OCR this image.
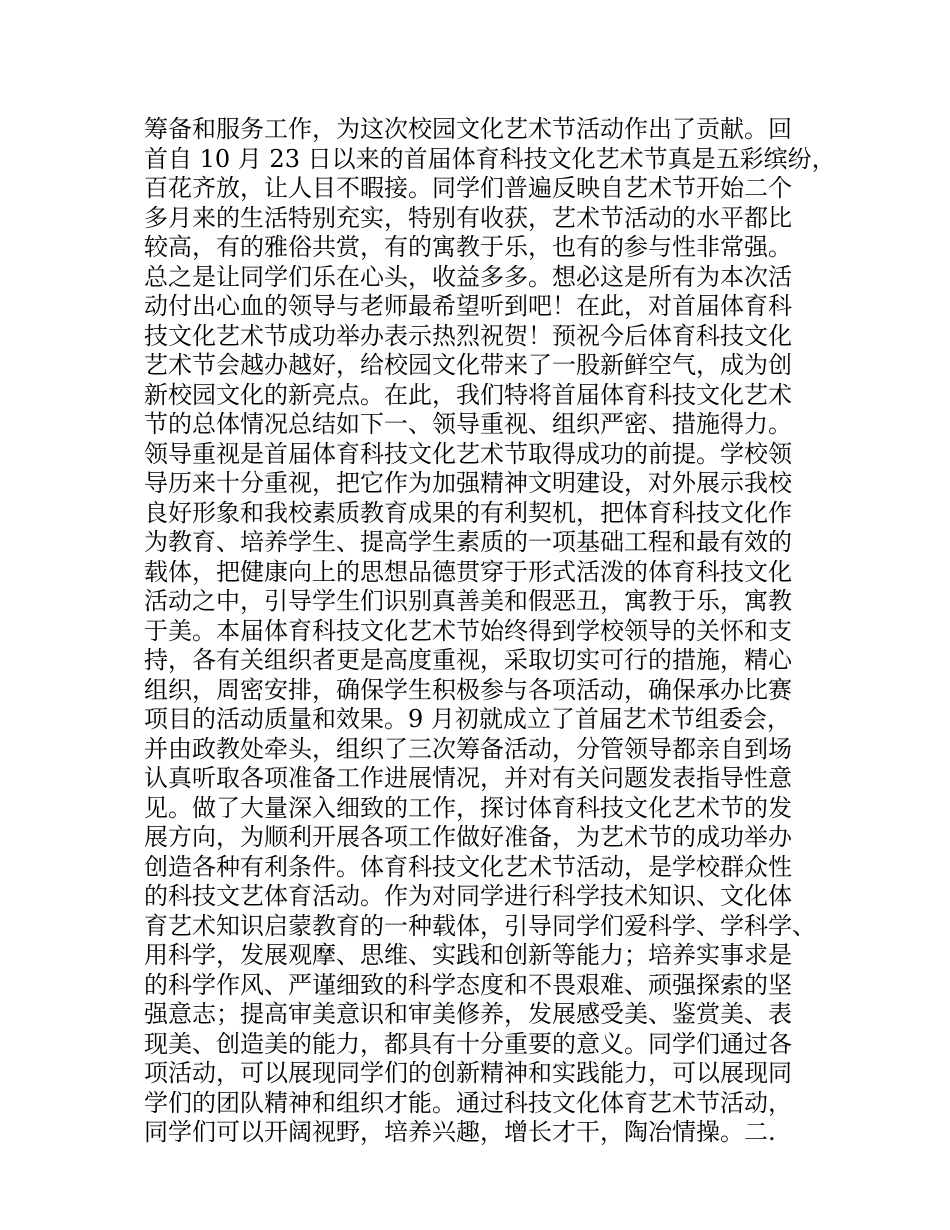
筹备和服务工作，为这次校园文化艺术节活动作出了贡献。回
首自 10 月 23 日以来的首届体育科技文化艺术节真是五彩缤纷，
百花齐放，让人目不暇接。同学们普遍反映自艺术节开始二个
多月来的生活特别充实，特别有收获，艺术节活动的水平都比
较高，有的雅俗共赏，有的寓教于乐，也有的参与性非常强。
总之是让同学们乐在心头，收益多多。想必这是所有为本次活
动付出心血的领导与老师最希望听到吧！在此，对首届体育科
技文化艺术节成功举办表示热烈祝贺！预祝今后体育科技文化
艺术节会越办越好，给校园文化带来了一股新鲜空气，成为创
新校园文化的新亮点。在此，我们特将首届体育科技文化艺术
节的总体情况总结如下一、领导重视、组织严密、措施得力。
领导重视是首届体育科技文化艺术节取得成功的前提。学校领
导历来十分重视，把它作为加强精神文明建设，对外展示我校
良好形象和我校素质教育成果的有利契机，把体育科技文化作
为教育、培养学生、提高学生素质的一项基础工程和最有效的
载体，把健康向上的思想品德贯穿于形式活泼的体育科技文化
活动之中，引导学生们识别真善美和假恶丑，寓教于乐，寓教
于美。本届体育科技文化艺术节始终得到学校领导的关怀和支
持，各有关组织者更是高度重视，采取切实可行的措施，精心
组织，周密安排，确保学生积极参与各项活动，确保承办比赛
项目的活动质量和效果。9 月初就成立了首届艺术节组委会，
并由政教处牵头，组织了三次筹备活动，分管领导都亲自到场
认真听取各项准备工作进展情况，并对有关问题发表指导性意
见。做了大量深入细致的工作，探讨体育科技文化艺术节的发
展方向，为顺利开展各项工作做好准备，为艺术节的成功举办
创造各种有利条件。体育科技文化艺术节活动，是学校群众性
的科技文艺体育活动。作为对同学进行科学技术知识、文化体
育艺术知识启蒙教育的一种载体，引导同学们爱科学、学科学、
用科学，发展观摩、思维、实践和创新等能力；培养实事求是
的科学作风、严谨细致的科学态度和不畏艰难、顽强探索的坚
强意志；提高审美意识和审美修养，发展感受美、鉴赏美、表
现美、创造美的能力，都具有十分重要的意义。同学们通过各
项活动，可以展现同学们的创新精神和实践能力，可以展现同
学们的团队精神和组织才能。通过科技文化体育艺术节活动，
同学们可以开阔视野，培养兴趣，增长才干，陶冶情操。二.
